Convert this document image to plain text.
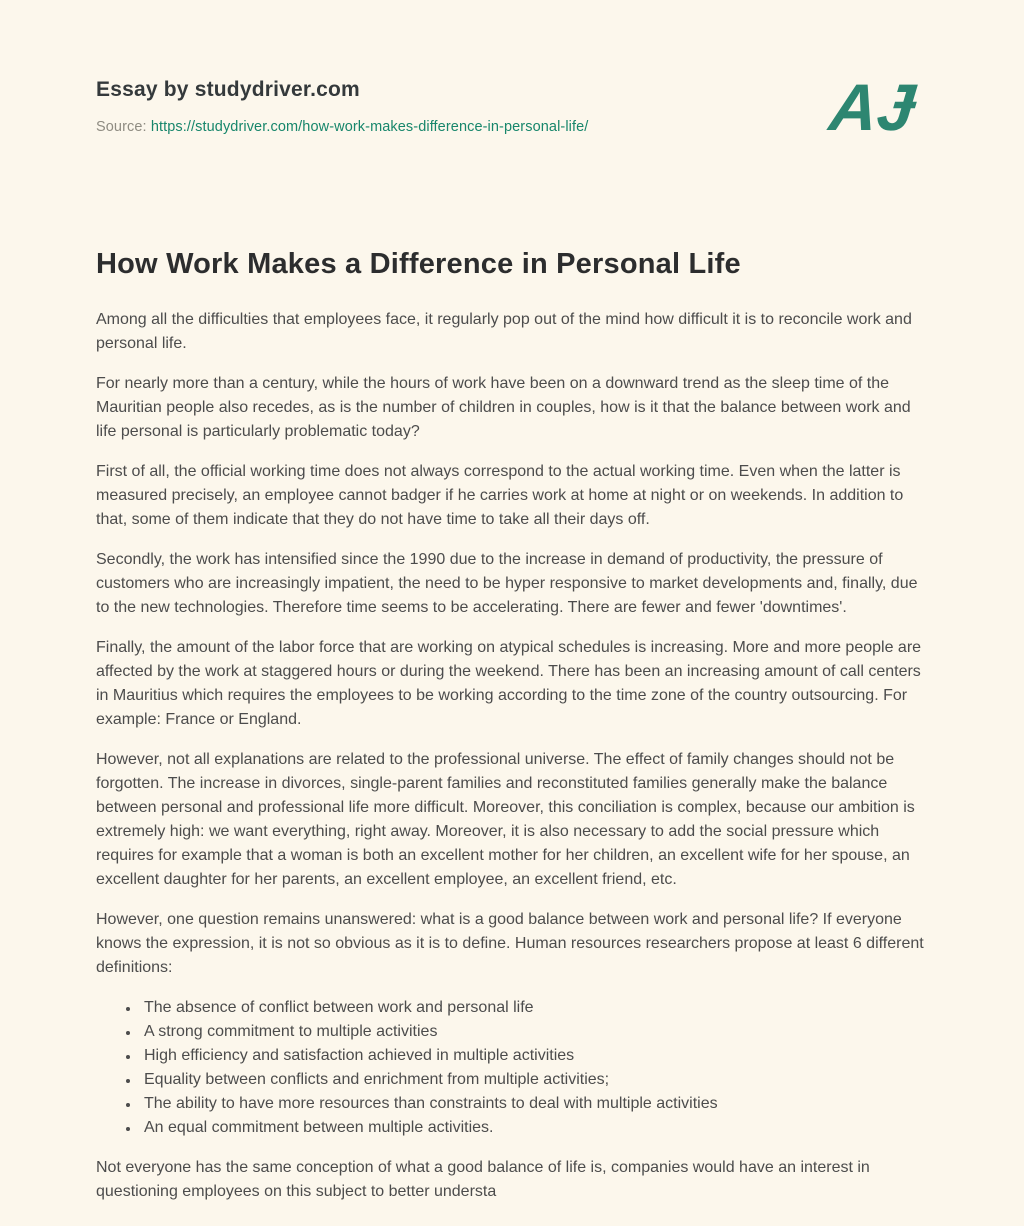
Essay by studydriver.com
Source: https://studydriver.com/how-work-makes-difference-in-personal-life/	AɈ
How Work Makes a Difference in Personal Life

Among all the difficulties that employees face, it regularly pop out of the mind how difficult it is to reconcile work and personal life.

For nearly more than a century, while the hours of work have been on a downward trend as the sleep time of the Mauritian people also recedes, as is the number of children in couples, how is it that the balance between work and life personal is particularly problematic today?

First of all, the official working time does not always correspond to the actual working time. Even when the latter is measured precisely, an employee cannot badger if he carries work at home at night or on weekends. In addition to that, some of them indicate that they do not have time to take all their days off.

Secondly, the work has intensified since the 1990 due to the increase in demand of productivity, the pressure of customers who are increasingly impatient, the need to be hyper responsive to market developments and, finally, due to the new technologies. Therefore time seems to be accelerating. There are fewer and fewer 'downtimes'.

Finally, the amount of the labor force that are working on atypical schedules is increasing. More and more people are affected by the work at staggered hours or during the weekend. There has been an increasing amount of call centers in Mauritius which requires the employees to be working according to the time zone of the country outsourcing. For example: France or England.

However, not all explanations are related to the professional universe. The effect of family changes should not be forgotten. The increase in divorces, single-parent families and reconstituted families generally make the balance between personal and professional life more difficult. Moreover, this conciliation is complex, because our ambition is extremely high: we want everything, right away. Moreover, it is also necessary to add the social pressure which requires for example that a woman is both an excellent mother for her children, an excellent wife for her spouse, an excellent daughter for her parents, an excellent employee, an excellent friend, etc.

However, one question remains unanswered: what is a good balance between work and personal life? If everyone knows the expression, it is not so obvious as it is to define. Human resources researchers propose at least 6 different definitions:

• The absence of conflict between work and personal life
• A strong commitment to multiple activities
• High efficiency and satisfaction achieved in multiple activities
• Equality between conflicts and enrichment from multiple activities;
• The ability to have more resources than constraints to deal with multiple activities
• An equal commitment between multiple activities.

Not everyone has the same conception of what a good balance of life is, companies would have an interest in questioning employees on this subject to better understa
